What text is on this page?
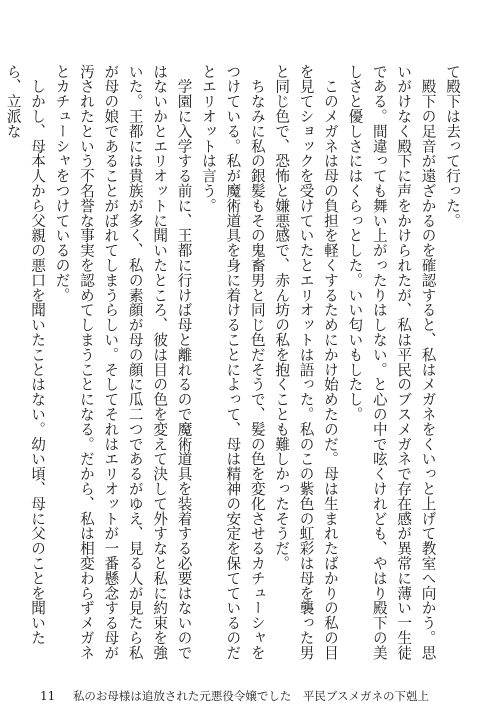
て殿下は去って行った。

　殿下の足音が遠ざかるのを確認すると、私はメガネをくいっと上げて教室へ向かう。思いがけなく殿下に声をかけられたが、私は平民のブスメガネで存在感が異常に薄い一生徒である。間違っても舞い上がったりはしない。と心の中で呟くけれども、やはり殿下の美しさと優しさにはくらっとした。いい匂いもしたし。

　このメガネは母の負担を軽くするためにかけ始めたのだ。母は生まれたばかりの私の目を見てショックを受けていたとエリオットは語った。私のこの紫色の虹彩は母を襲った男と同じ色で、恐怖と嫌悪感で、赤ん坊の私を抱くことも難しかったそうだ。

　ちなみに私の銀髪もその鬼畜男と同じ色だそうで、髪の色を変化させるカチューシャをつけている。私が魔術道具を身に着けることによって、母は精神の安定を保てているのだとエリオットは言う。

　学園に入学する前に、王都に行けば母と離れるので魔術道具を装着する必要はないのではないかとエリオットに聞いたところ、彼は目の色を変えて決して外すなと私に約束を強いた。王都には貴族が多く、私の素顔が母の顔に瓜二つであるがゆえ、見る人が見たら私が母の娘であることがばれてしまうらしい。そしてそれはエリオットが一番懸念する母が汚されたという不名誉な事実を認めてしまうことになる。だから、私は相変わらずメガネとカチューシャをつけているのだ。

　しかし、母本人から父親の悪口を聞いたことはない。幼い頃、母に父のことを聞いたら、立派な

11 私のお母様は追放された元悪役令嬢でした　平民ブスメガネの下剋上
